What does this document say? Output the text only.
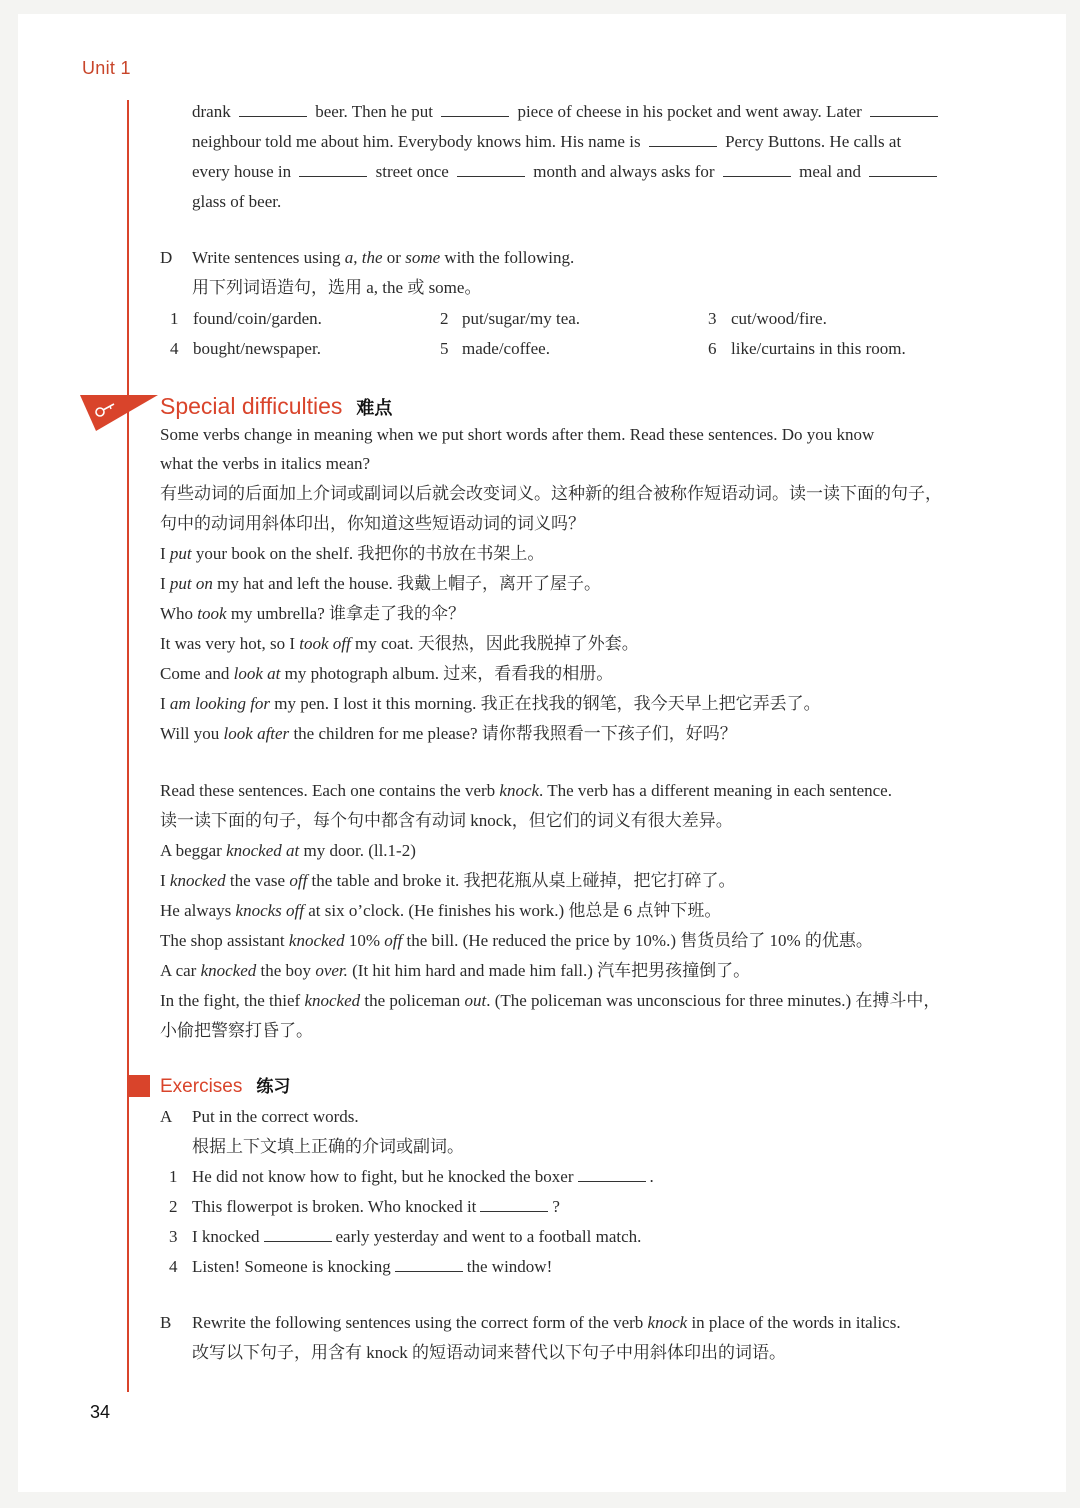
Unit 1
drank	beer. Then he put	piece of cheese in his pocket and went away. Later
neighbour told me about him. Everybody knows him. His name is	Percy Buttons. He calls at
every house in	street once	month and always asks for	meal and
glass of beer.
D Write sentences using a, the or some with the following.
用下列词语造句，选用 a, the 或 some。
1 found/coin/garden.	2 put/sugar/my tea.	3 cut/wood/fire.
4 bought/newspaper.	5 made/coffee.	6 like/curtains in this room.
Special difficulties 难点
Some verbs change in meaning when we put short words after them. Read these sentences. Do you know
what the verbs in italics mean?
有些动词的后面加上介词或副词以后就会改变词义。这种新的组合被称作短语动词。读一读下面的句子，
句中的动词用斜体印出，你知道这些短语动词的词义吗？
I put your book on the shelf. 我把你的书放在书架上。
I put on my hat and left the house. 我戴上帽子，离开了屋子。
Who took my umbrella? 谁拿走了我的伞？
It was very hot, so I took off my coat. 天很热，因此我脱掉了外套。
Come and look at my photograph album. 过来，看看我的相册。
I am looking for my pen. I lost it this morning. 我正在找我的钢笔，我今天早上把它弄丢了。
Will you look after the children for me please? 请你帮我照看一下孩子们，好吗？
Read these sentences. Each one contains the verb knock. The verb has a different meaning in each sentence.
读一读下面的句子，每个句中都含有动词 knock，但它们的词义有很大差异。
A beggar knocked at my door. (ll.1-2)
I knocked the vase off the table and broke it. 我把花瓶从桌上碰掉，把它打碎了。
He always knocks off at six o’clock. (He finishes his work.) 他总是 6 点钟下班。
The shop assistant knocked 10% off the bill. (He reduced the price by 10%.) 售货员给了 10% 的优惠。
A car knocked the boy over. (It hit him hard and made him fall.) 汽车把男孩撞倒了。
In the fight, the thief knocked the policeman out. (The policeman was unconscious for three minutes.) 在搏斗中，
小偷把警察打昏了。
Exercises 练习
A Put in the correct words.
根据上下文填上正确的介词或副词。
1 He did not know how to fight, but he knocked the boxer	.
2 This flowerpot is broken. Who knocked it	?
3 I knocked	early yesterday and went to a football match.
4 Listen! Someone is knocking	the window!
B Rewrite the following sentences using the correct form of the verb knock in place of the words in italics.
改写以下句子，用含有 knock 的短语动词来替代以下句子中用斜体印出的词语。
34
